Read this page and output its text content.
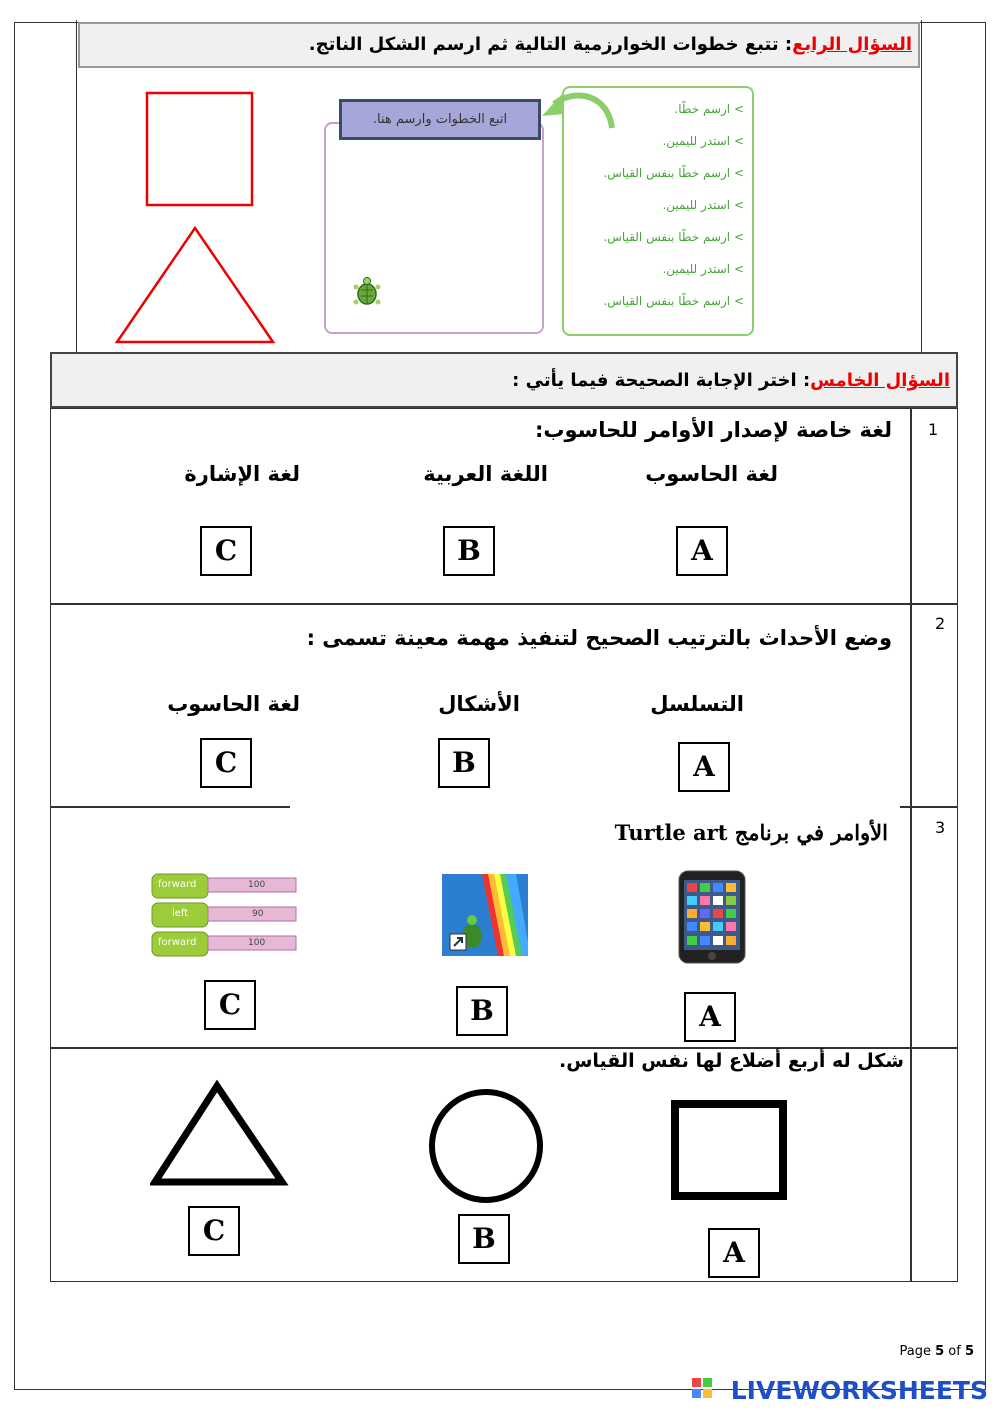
السؤال الرابع: تتبع خطوات الخوارزمية التالية ثم ارسم الشكل الناتج.
اتبع الخطوات وارسم هنا.
> ارسم خطًا.
> استدر لليمين.
> ارسم خطًا بنفس القياس.
> استدر لليمين.
> ارسم خطًا بنفس القياس.
> استدر لليمين.
> ارسم خطًا بنفس القياس.
السؤال الخامس: اختر الإجابة الصحيحة فيما يأتي :
1
لغة خاصة لإصدار الأوامر للحاسوب:
لغة الحاسوب
اللغة العربية
لغة الإشارة
A
B
C
2
وضع الأحداث بالترتيب الصحيح لتنفيذ مهمة معينة تسمى :
التسلسل
الأشكال
لغة الحاسوب
A
B
C
3
الأوامر في برنامج Turtle art
forward	100
left	90
forward	100
A
B
C
شكل له أربع أضلاع لها نفس القياس.
A
B
C
Page 5 of 5
LIVEWORKSHEETS
